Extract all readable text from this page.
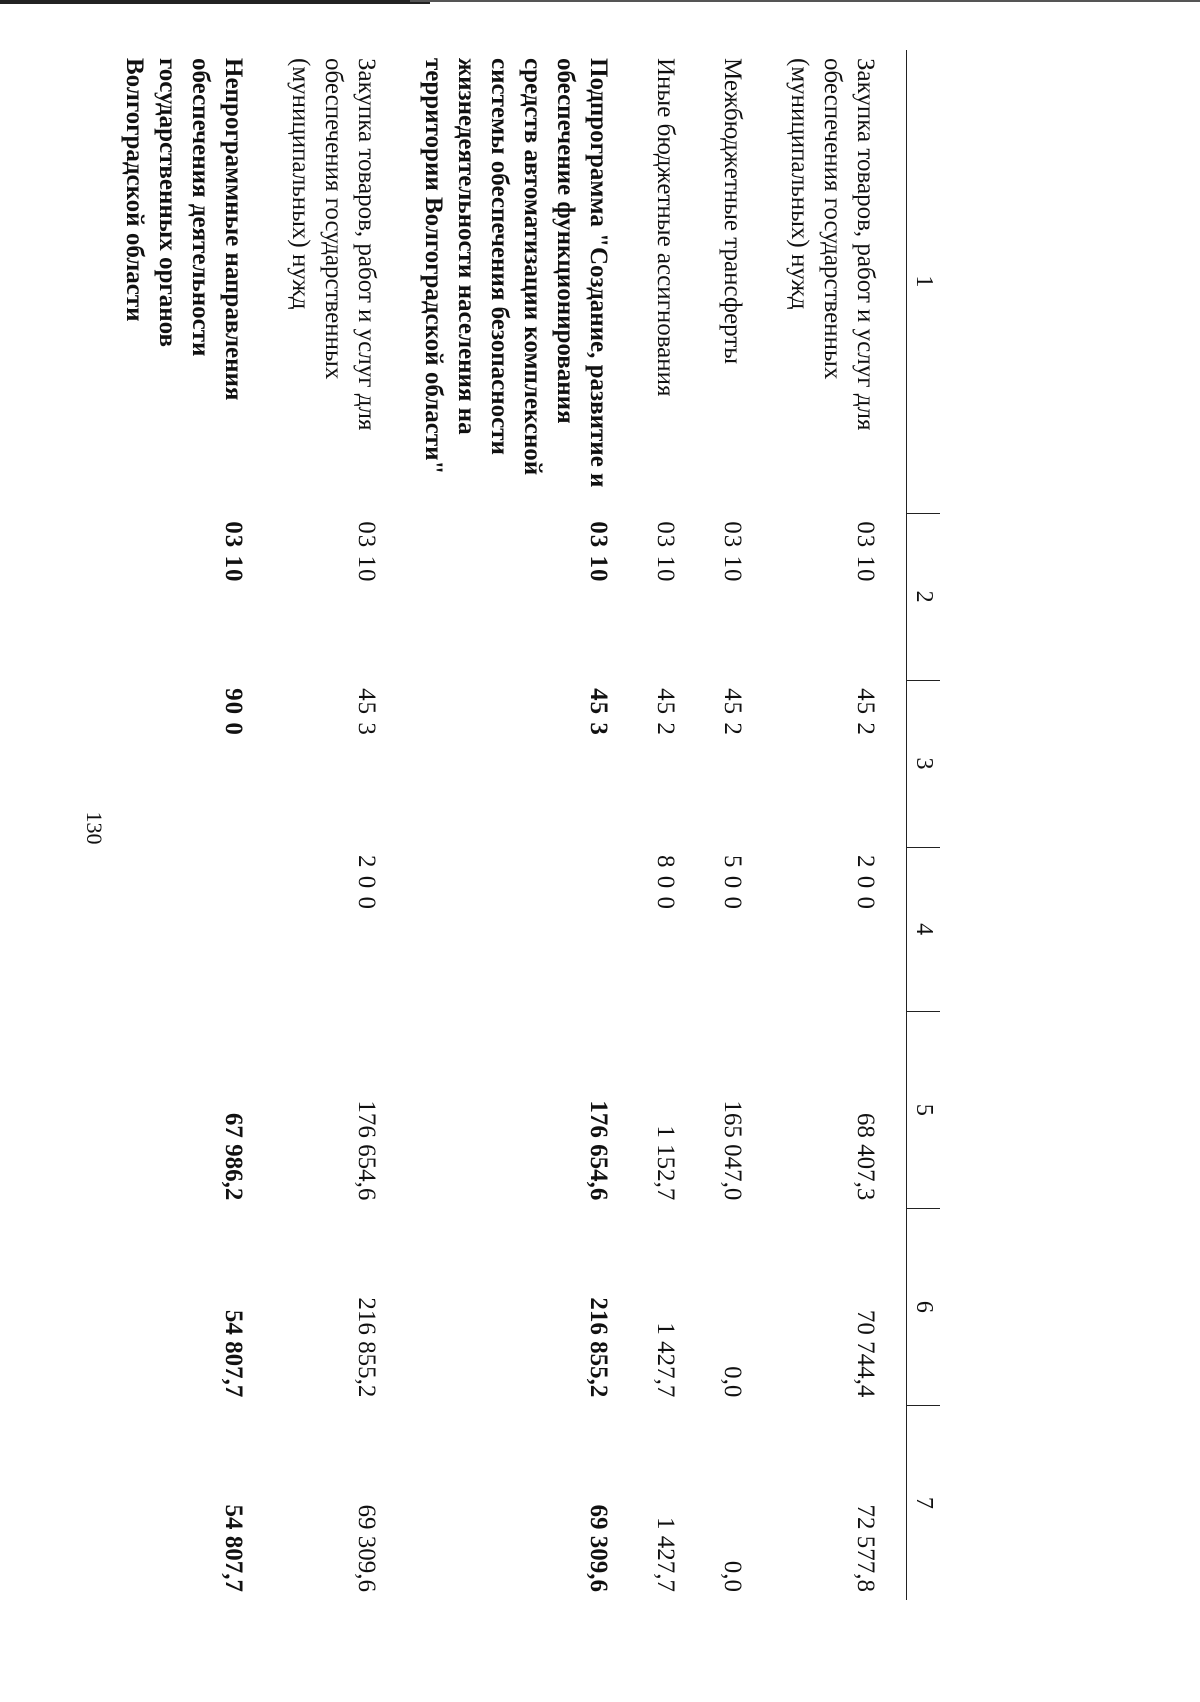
130
1	2	3	4	5	6	7
Закупка товаров, работ и услуг для обеспечения государственных (муниципальных) нужд	03 10	45 2	2 0 0	68 407,3	70 744,4	72 577,8
Межбюджетные трансферты	03 10	45 2	5 0 0	165 047,0	0,0	0,0
Иные бюджетные ассигнования	03 10	45 2	8 0 0	1 152,7	1 427,7	1 427,7
Подпрограмма "Создание, развитие и обеспечение функционирования средств автоматизации комплексной системы обеспечения безопасности жизнедеятельности населения на территории Волгоградской области"	03 10	45 3		176 654,6	216 855,2	69 309,6
Закупка товаров, работ и услуг для обеспечения государственных (муниципальных) нужд	03 10	45 3	2 0 0	176 654,6	216 855,2	69 309,6
Непрограммные направления обеспечения деятельности государственных органов Волгоградской области	03 10	90 0		67 986,2	54 807,7	54 807,7
